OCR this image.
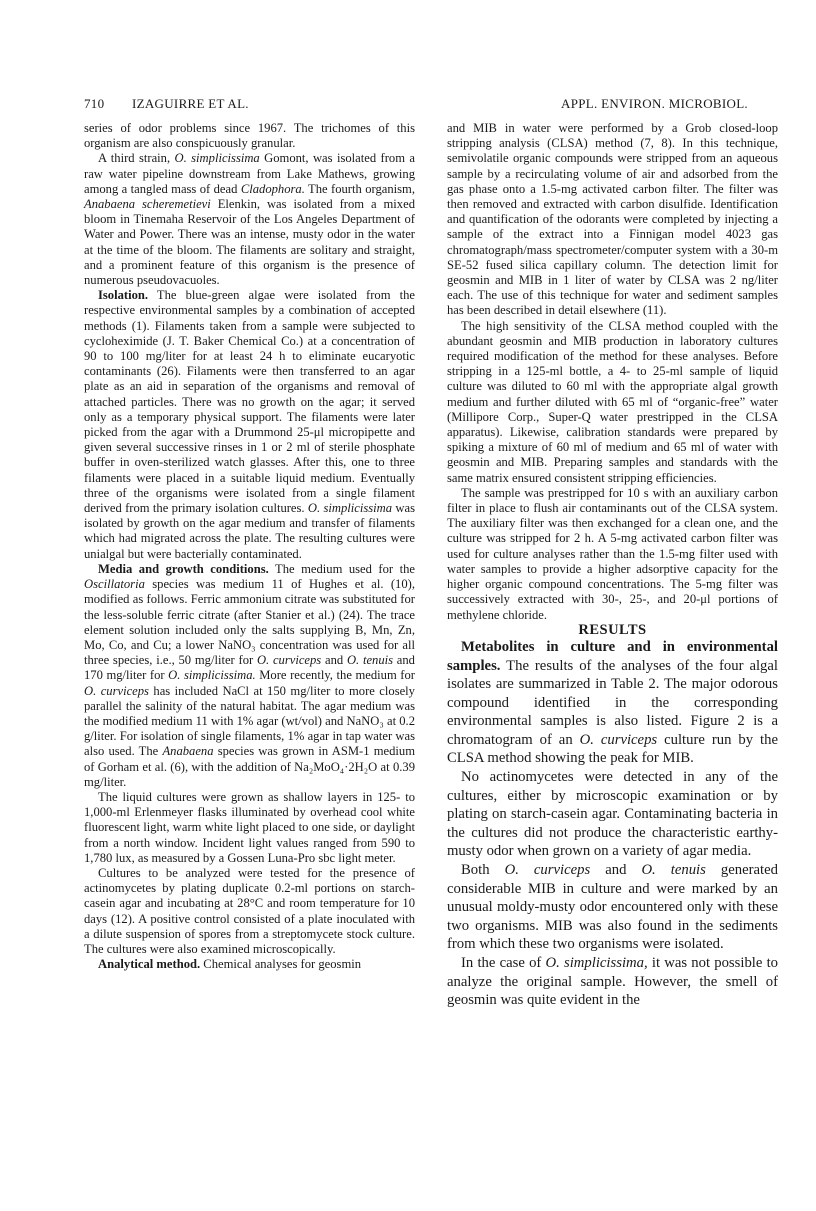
710 IZAGUIRRE ET AL.	APPL. ENVIRON. MICROBIOL.

series of odor problems since 1967. The trichomes of this organism are also conspicuously granular.

A third strain, O. simplicissima Gomont, was isolated from a raw water pipeline downstream from Lake Mathews, growing among a tangled mass of dead Cladophora. The fourth organism, Anabaena scheremetievi Elenkin, was isolated from a mixed bloom in Tinemaha Reservoir of the Los Angeles Department of Water and Power. There was an intense, musty odor in the water at the time of the bloom. The filaments are solitary and straight, and a prominent feature of this organism is the presence of numerous pseudovacuoles.

Isolation. The blue-green algae were isolated from the respective environmental samples by a combination of accepted methods (1). Filaments taken from a sample were subjected to cycloheximide (J. T. Baker Chemical Co.) at a concentration of 90 to 100 mg/liter for at least 24 h to eliminate eucaryotic contaminants (26). Filaments were then transferred to an agar plate as an aid in separation of the organisms and removal of attached particles. There was no growth on the agar; it served only as a temporary physical support. The filaments were later picked from the agar with a Drummond 25-μl micropipette and given several successive rinses in 1 or 2 ml of sterile phosphate buffer in oven-sterilized watch glasses. After this, one to three filaments were placed in a suitable liquid medium. Eventually three of the organisms were isolated from a single filament derived from the primary isolation cultures. O. simplicissima was isolated by growth on the agar medium and transfer of filaments which had migrated across the plate. The resulting cultures were unialgal but were bacterially contaminated.

Media and growth conditions. The medium used for the Oscillatoria species was medium 11 of Hughes et al. (10), modified as follows. Ferric ammonium citrate was substituted for the less-soluble ferric citrate (after Stanier et al.) (24). The trace element solution included only the salts supplying B, Mn, Zn, Mo, Co, and Cu; a lower NaNO₃ concentration was used for all three species, i.e., 50 mg/liter for O. curviceps and O. tenuis and 170 mg/liter for O. simplicissima. More recently, the medium for O. curviceps has included NaCl at 150 mg/liter to more closely parallel the salinity of the natural habitat. The agar medium was the modified medium 11 with 1% agar (wt/vol) and NaNO₃ at 0.2 g/liter. For isolation of single filaments, 1% agar in tap water was also used. The Anabaena species was grown in ASM-1 medium of Gorham et al. (6), with the addition of Na₂MoO₄·2H₂O at 0.39 mg/liter.

The liquid cultures were grown as shallow layers in 125- to 1,000-ml Erlenmeyer flasks illuminated by overhead cool white fluorescent light, warm white light placed to one side, or daylight from a north window. Incident light values ranged from 590 to 1,780 lux, as measured by a Gossen Luna-Pro sbc light meter.

Cultures to be analyzed were tested for the presence of actinomycetes by plating duplicate 0.2-ml portions on starch-casein agar and incubating at 28°C and room temperature for 10 days (12). A positive control consisted of a plate inoculated with a dilute suspension of spores from a streptomycete stock culture. The cultures were also examined microscopically.

Analytical method. Chemical analyses for geosmin

and MIB in water were performed by a Grob closed-loop stripping analysis (CLSA) method (7, 8). In this technique, semivolatile organic compounds were stripped from an aqueous sample by a recirculating volume of air and adsorbed from the gas phase onto a 1.5-mg activated carbon filter. The filter was then removed and extracted with carbon disulfide. Identification and quantification of the odorants were completed by injecting a sample of the extract into a Finnigan model 4023 gas chromatograph/mass spectrometer/computer system with a 30-m SE-52 fused silica capillary column. The detection limit for geosmin and MIB in 1 liter of water by CLSA was 2 ng/liter each. The use of this technique for water and sediment samples has been described in detail elsewhere (11).

The high sensitivity of the CLSA method coupled with the abundant geosmin and MIB production in laboratory cultures required modification of the method for these analyses. Before stripping in a 125-ml bottle, a 4- to 25-ml sample of liquid culture was diluted to 60 ml with the appropriate algal growth medium and further diluted with 65 ml of “organic-free” water (Millipore Corp., Super-Q water prestripped in the CLSA apparatus). Likewise, calibration standards were prepared by spiking a mixture of 60 ml of medium and 65 ml of water with geosmin and MIB. Preparing samples and standards with the same matrix ensured consistent stripping efficiencies.

The sample was prestripped for 10 s with an auxiliary carbon filter in place to flush air contaminants out of the CLSA system. The auxiliary filter was then exchanged for a clean one, and the culture was stripped for 2 h. A 5-mg activated carbon filter was used for culture analyses rather than the 1.5-mg filter used with water samples to provide a higher adsorptive capacity for the higher organic compound concentrations. The 5-mg filter was successively extracted with 30-, 25-, and 20-μl portions of methylene chloride.

RESULTS

Metabolites in culture and in environmental samples. The results of the analyses of the four algal isolates are summarized in Table 2. The major odorous compound identified in the corresponding environmental samples is also listed. Figure 2 is a chromatogram of an O. curviceps culture run by the CLSA method showing the peak for MIB.

No actinomycetes were detected in any of the cultures, either by microscopic examination or by plating on starch-casein agar. Contaminating bacteria in the cultures did not produce the characteristic earthy-musty odor when grown on a variety of agar media.

Both O. curviceps and O. tenuis generated considerable MIB in culture and were marked by an unusual moldy-musty odor encountered only with these two organisms. MIB was also found in the sediments from which these two organisms were isolated.

In the case of O. simplicissima, it was not possible to analyze the original sample. However, the smell of geosmin was quite evident in the
